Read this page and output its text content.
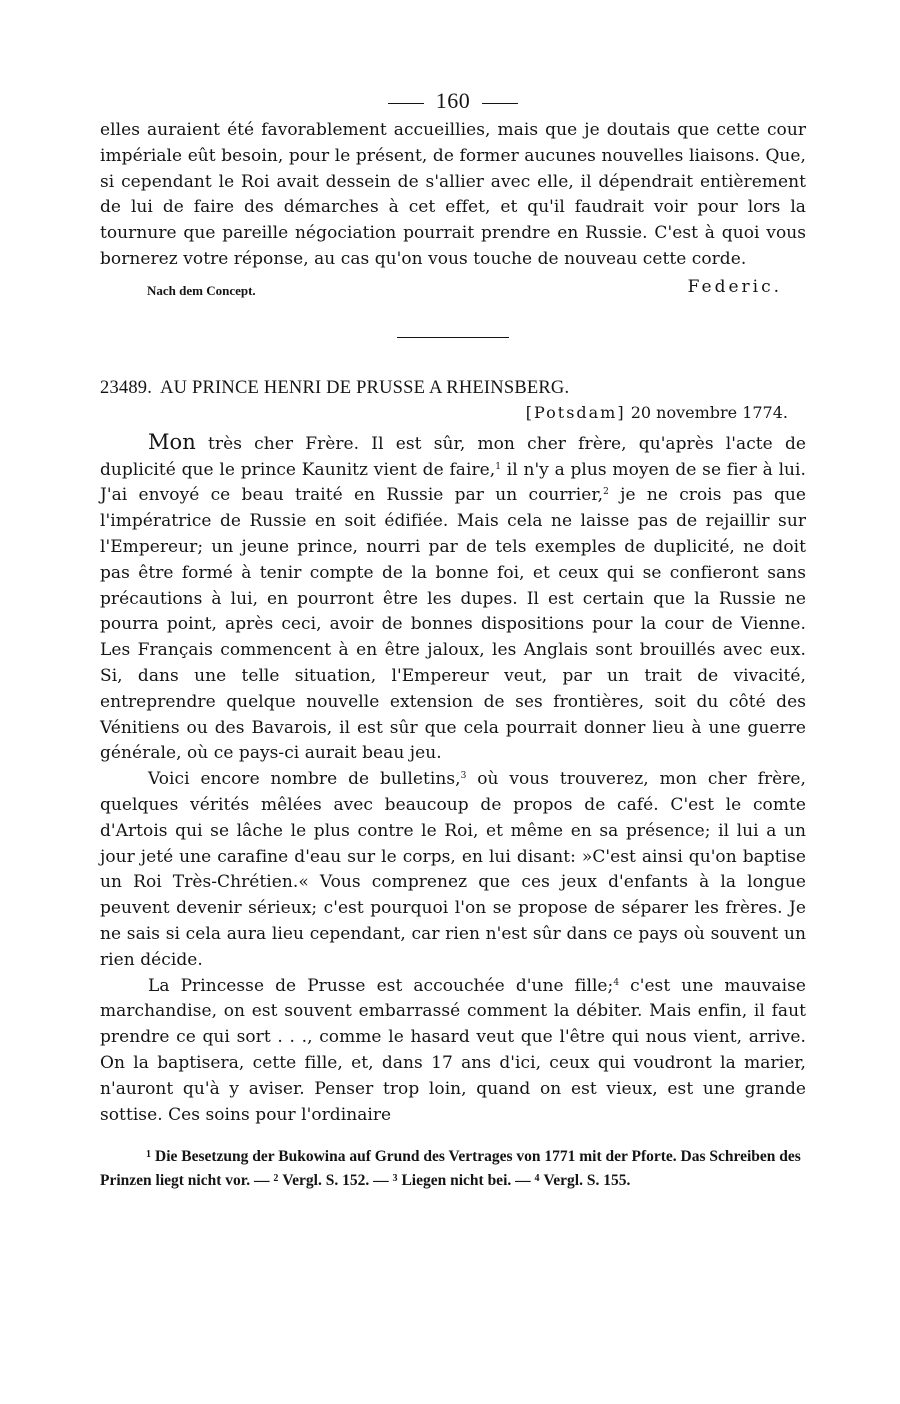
160

elles auraient été favorablement accueillies, mais que je doutais que cette cour impériale eût besoin, pour le présent, de former aucunes nouvelles liaisons. Que, si cependant le Roi avait dessein de s'allier avec elle, il dépendrait entièrement de lui de faire des démarches à cet effet, et qu'il faudrait voir pour lors la tournure que pareille négociation pourrait prendre en Russie. C'est à quoi vous bornerez votre réponse, au cas qu'on vous touche de nouveau cette corde.

Nach dem Concept.	Federic.
23489. AU PRINCE HENRI DE PRUSSE A RHEINSBERG.
[Potsdam] 20 novembre 1774.

Mon très cher Frère. Il est sûr, mon cher frère, qu'après l'acte de duplicité que le prince Kaunitz vient de faire,$^1$ il n'y a plus moyen de se fier à lui. J'ai envoyé ce beau traité en Russie par un courrier,$^2$ je ne crois pas que l'impératrice de Russie en soit édifiée. Mais cela ne laisse pas de rejaillir sur l'Empereur; un jeune prince, nourri par de tels exemples de duplicité, ne doit pas être formé à tenir compte de la bonne foi, et ceux qui se confieront sans précautions à lui, en pourront être les dupes. Il est certain que la Russie ne pourra point, après ceci, avoir de bonnes dispositions pour la cour de Vienne. Les Français commencent à en être jaloux, les Anglais sont brouillés avec eux. Si, dans une telle situation, l'Empereur veut, par un trait de vivacité, entreprendre quelque nouvelle extension de ses frontières, soit du côté des Vénitiens ou des Bavarois, il est sûr que cela pourrait donner lieu à une guerre générale, où ce pays-ci aurait beau jeu.

Voici encore nombre de bulletins,$^3$ où vous trouverez, mon cher frère, quelques vérités mêlées avec beaucoup de propos de café. C'est le comte d'Artois qui se lâche le plus contre le Roi, et même en sa présence; il lui a un jour jeté une carafine d'eau sur le corps, en lui disant: »C'est ainsi qu'on baptise un Roi Très-Chrétien.« Vous comprenez que ces jeux d'enfants à la longue peuvent devenir sérieux; c'est pourquoi l'on se propose de séparer les frères. Je ne sais si cela aura lieu cependant, car rien n'est sûr dans ce pays où souvent un rien décide.

La Princesse de Prusse est accouchée d'une fille;$^4$ c'est une mauvaise marchandise, on est souvent embarrassé comment la débiter. Mais enfin, il faut prendre ce qui sort . . ., comme le hasard veut que l'être qui nous vient, arrive. On la baptisera, cette fille, et, dans 17 ans d'ici, ceux qui voudront la marier, n'auront qu'à y aviser. Penser trop loin, quand on est vieux, est une grande sottise. Ces soins pour l'ordinaire

$^1$ Die Besetzung der Bukowina auf Grund des Vertrages von 1771 mit der Pforte. Das Schreiben des Prinzen liegt nicht vor. — $^2$ Vergl. S. 152. — $^3$ Liegen nicht bei. — $^4$ Vergl. S. 155.
